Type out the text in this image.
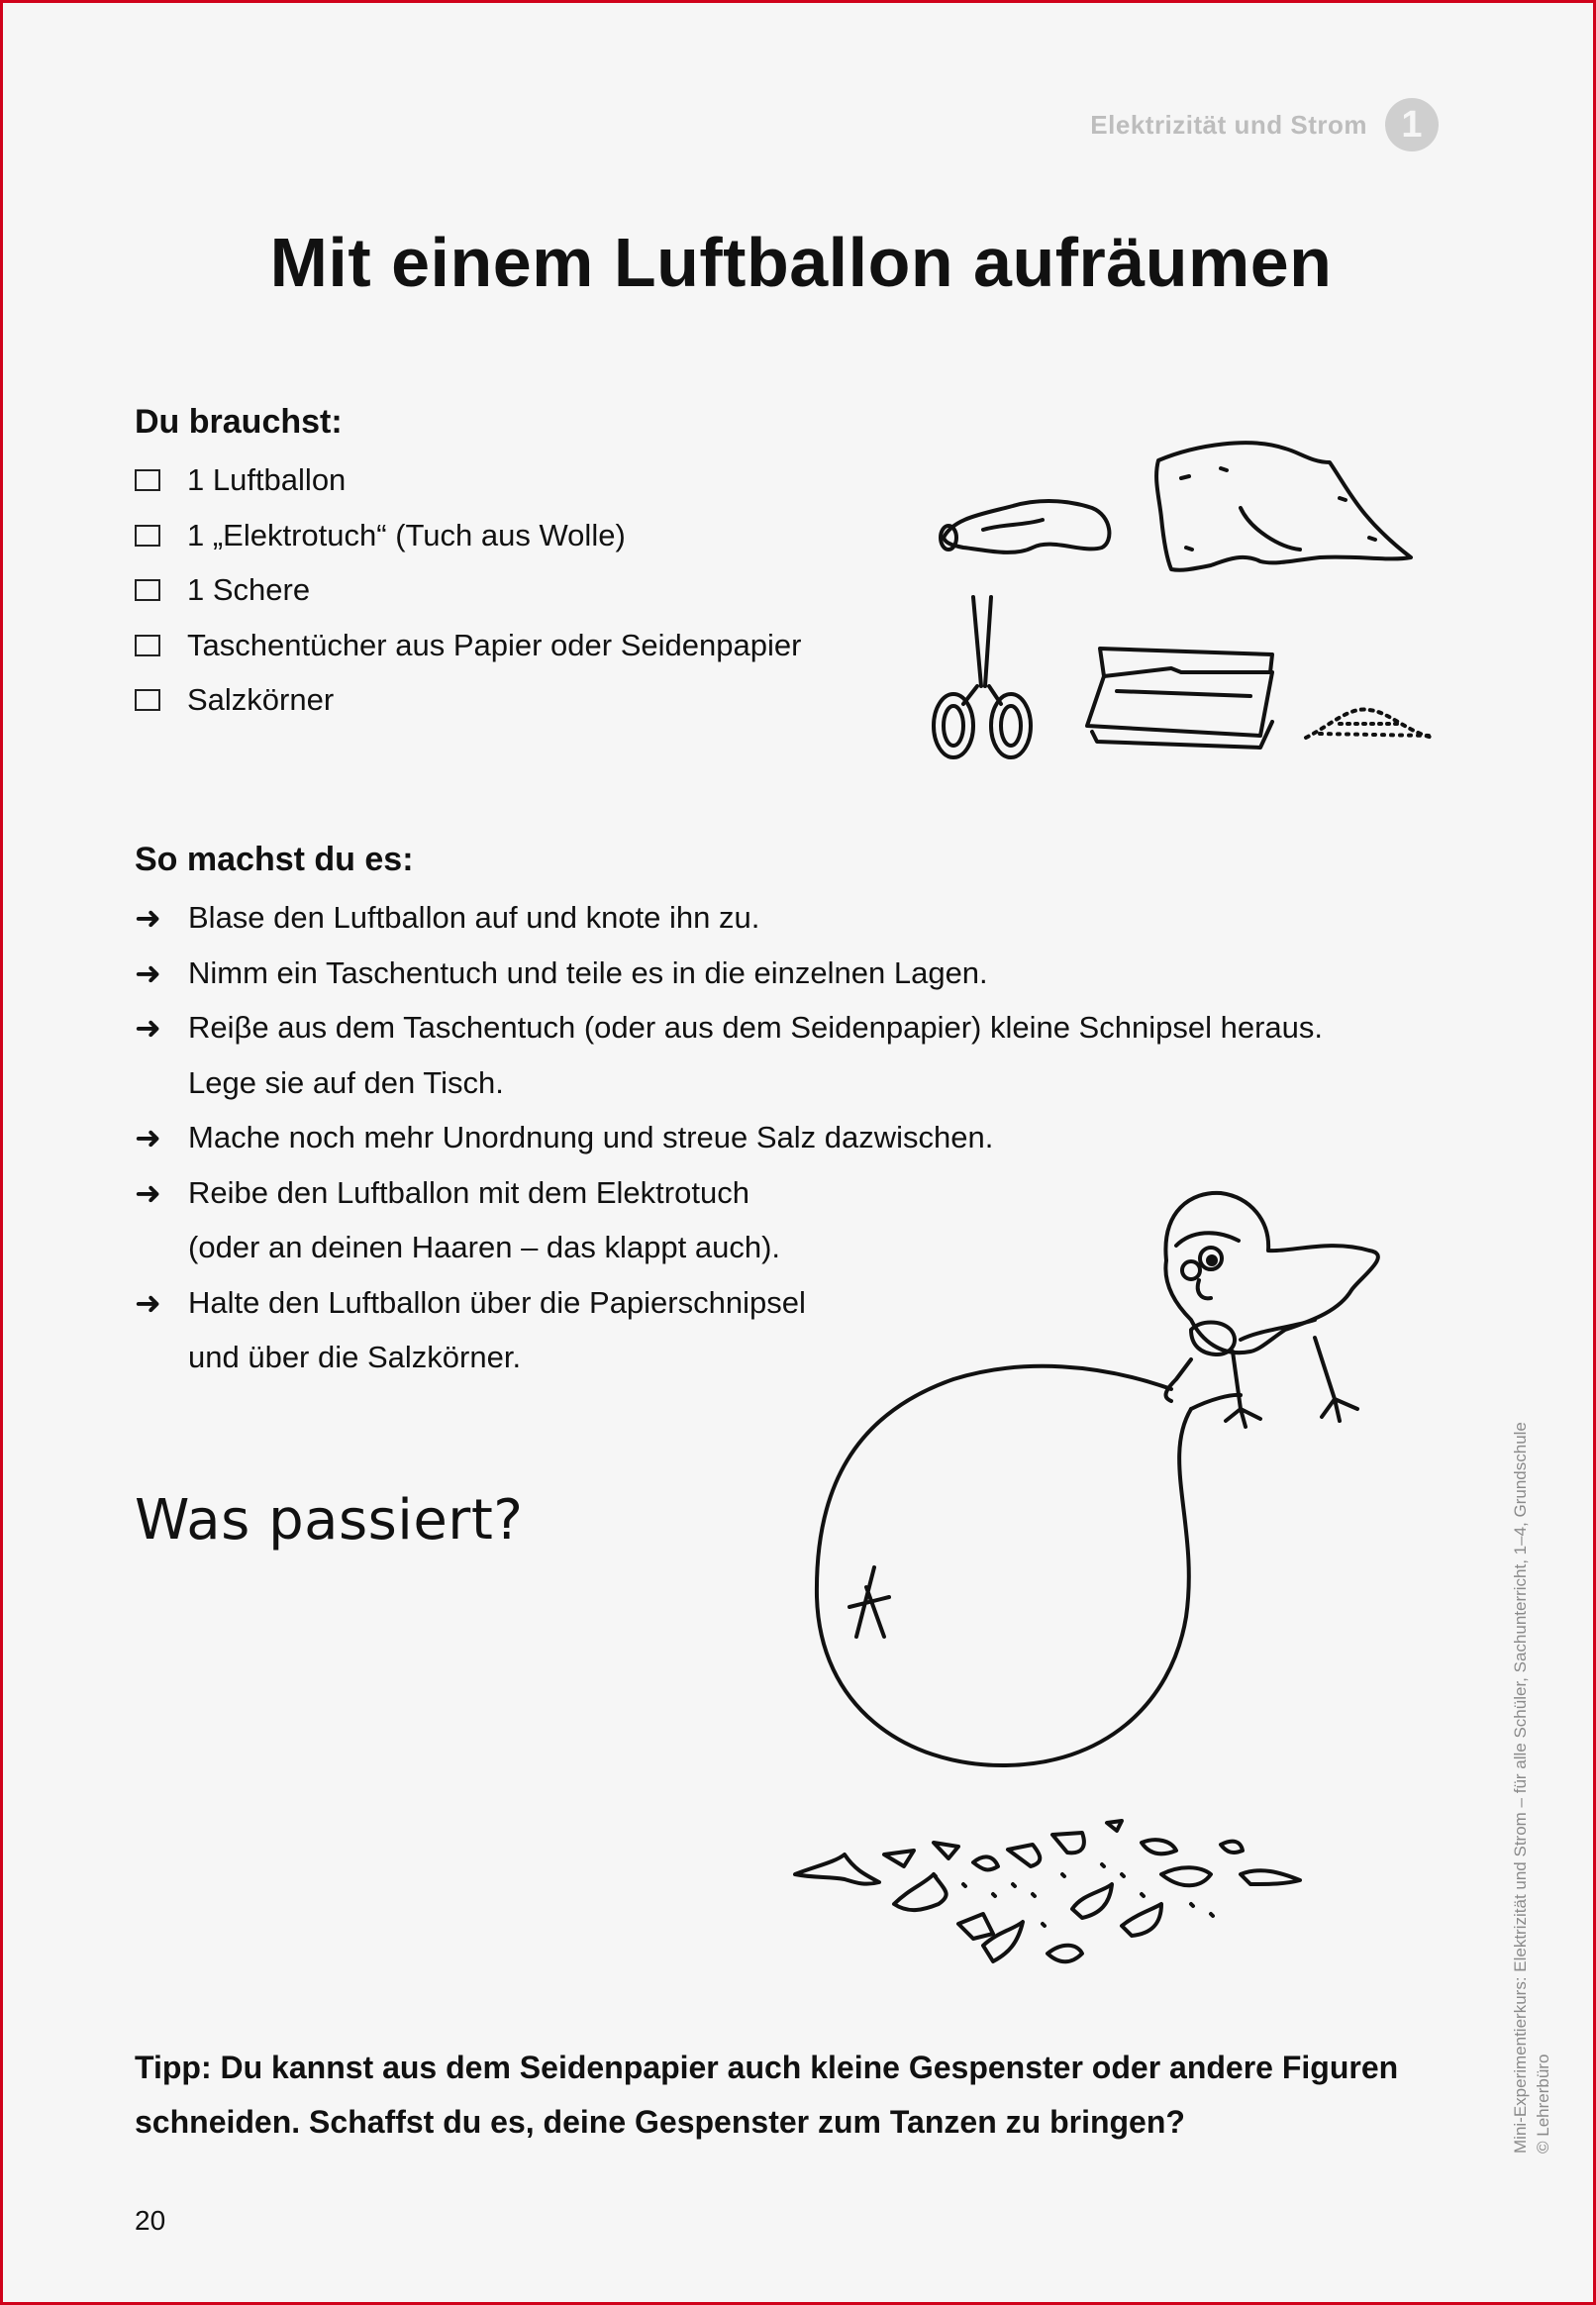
Elektrizität und Strom 1
Mit einem Luftballon aufräumen
Du brauchst:
1 Luftballon
1 „Elektrotuch“ (Tuch aus Wolle)
1 Schere
Taschentücher aus Papier oder Seidenpapier
Salzkörner
So machst du es:
➜ Blase den Luftballon auf und knote ihn zu.
➜ Nimm ein Taschentuch und teile es in die einzelnen Lagen.
➜ Reiβe aus dem Taschentuch (oder aus dem Seidenpapier) kleine Schnipsel heraus.
Lege sie auf den Tisch.
➜ Mache noch mehr Unordnung und streue Salz dazwischen.
➜ Reibe den Luftballon mit dem Elektrotuch
(oder an deinen Haaren – das klappt auch).
➜ Halte den Luftballon über die Papierschnipsel
und über die Salzkörner.
Was passiert?

Tipp: Du kannst aus dem Seidenpapier auch kleine Gespenster oder andere Figuren
schneiden. Schaffst du es, deine Gespenster zum Tanzen zu bringen?

20
Mini-Experimentierkurs: Elektrizität und Strom – für alle Schüler, Sachunterricht, 1–4, Grundschule © Lehrerbüro
